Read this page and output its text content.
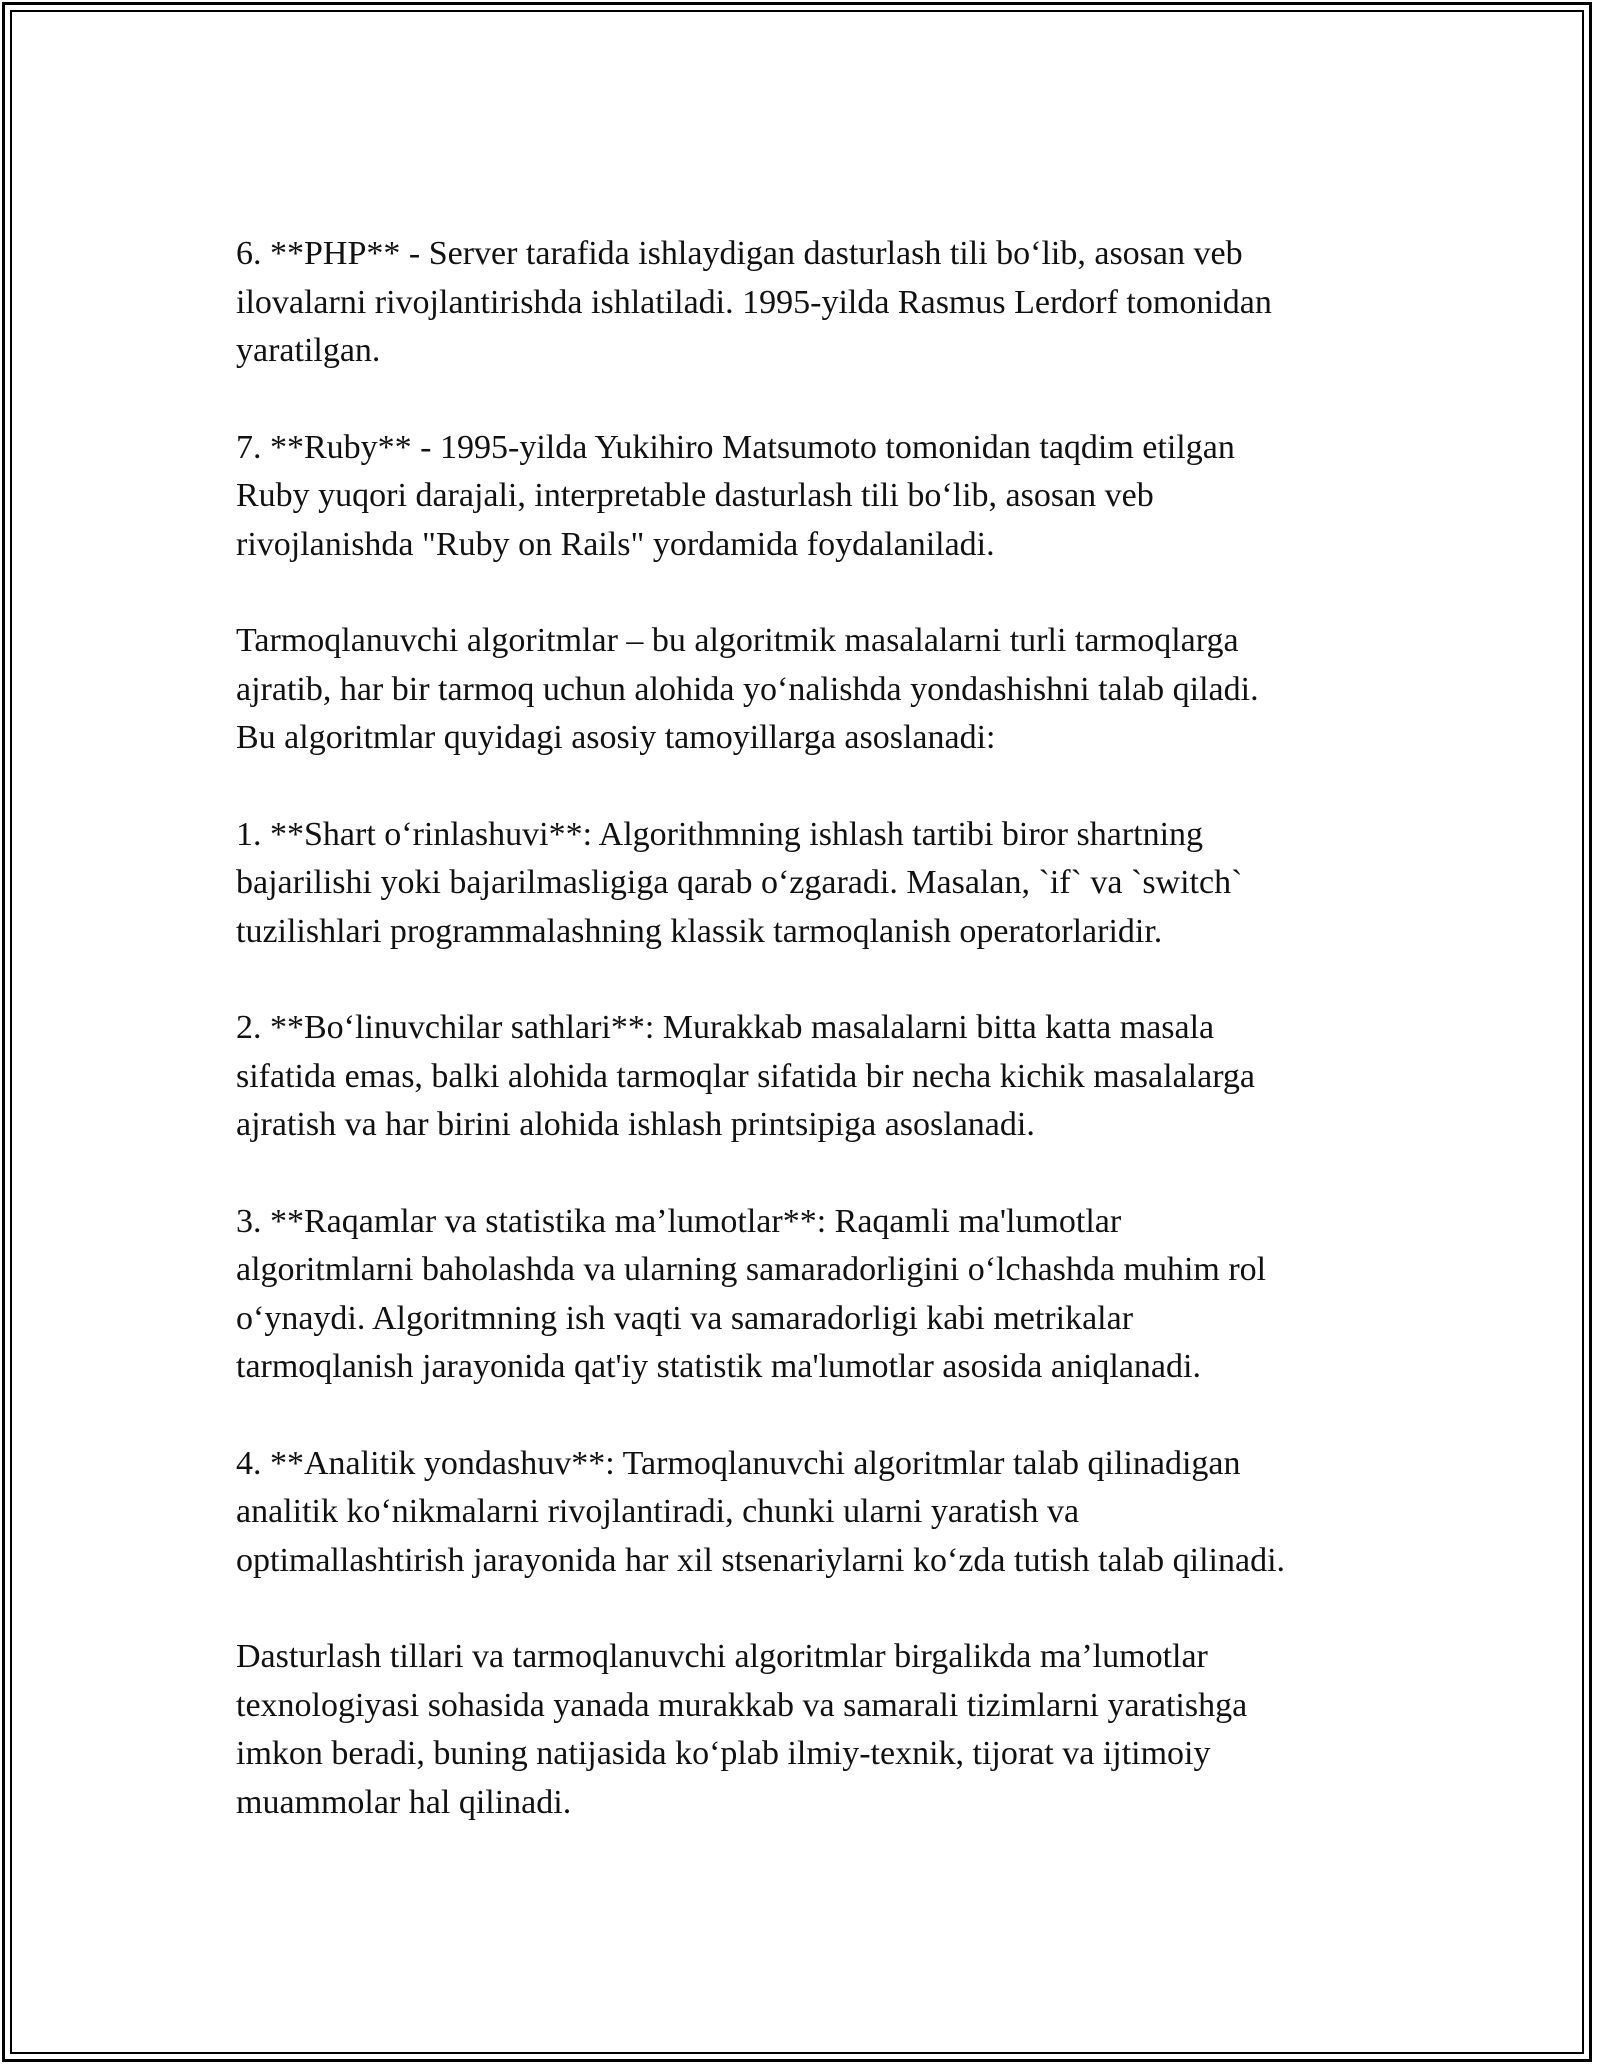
6. **PHP** - Server tarafida ishlaydigan dasturlash tili bo‘lib, asosan veb
ilovalarni rivojlantirishda ishlatiladi. 1995-yilda Rasmus Lerdorf tomonidan
yaratilgan.

7. **Ruby** - 1995-yilda Yukihiro Matsumoto tomonidan taqdim etilgan
Ruby yuqori darajali, interpretable dasturlash tili bo‘lib, asosan veb
rivojlanishda "Ruby on Rails" yordamida foydalaniladi.

Tarmoqlanuvchi algoritmlar – bu algoritmik masalalarni turli tarmoqlarga
ajratib, har bir tarmoq uchun alohida yo‘nalishda yondashishni talab qiladi.
Bu algoritmlar quyidagi asosiy tamoyillarga asoslanadi:

1. **Shart o‘rinlashuvi**: Algorithmning ishlash tartibi biror shartning
bajarilishi yoki bajarilmasligiga qarab o‘zgaradi. Masalan, `if` va `switch`
tuzilishlari programmalashning klassik tarmoqlanish operatorlaridir.

2. **Bo‘linuvchilar sathlari**: Murakkab masalalarni bitta katta masala
sifatida emas, balki alohida tarmoqlar sifatida bir necha kichik masalalarga
ajratish va har birini alohida ishlash printsipiga asoslanadi.

3. **Raqamlar va statistika ma’lumotlar**: Raqamli ma'lumotlar
algoritmlarni baholashda va ularning samaradorligini o‘lchashda muhim rol
o‘ynaydi. Algoritmning ish vaqti va samaradorligi kabi metrikalar
tarmoqlanish jarayonida qat'iy statistik ma'lumotlar asosida aniqlanadi.

4. **Analitik yondashuv**: Tarmoqlanuvchi algoritmlar talab qilinadigan
analitik ko‘nikmalarni rivojlantiradi, chunki ularni yaratish va
optimallashtirish jarayonida har xil stsenariylarni ko‘zda tutish talab qilinadi.

Dasturlash tillari va tarmoqlanuvchi algoritmlar birgalikda ma’lumotlar
texnologiyasi sohasida yanada murakkab va samarali tizimlarni yaratishga
imkon beradi, buning natijasida ko‘plab ilmiy-texnik, tijorat va ijtimoiy
muammolar hal qilinadi.
